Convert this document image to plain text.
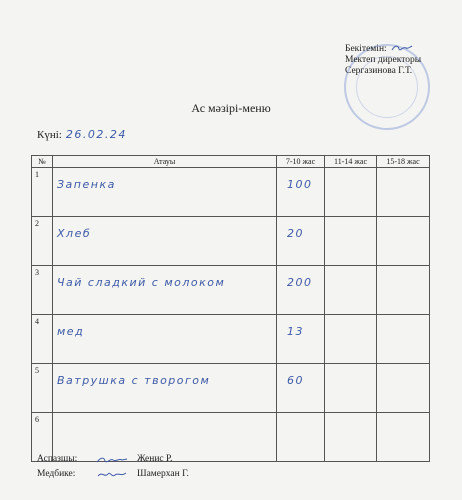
Бекітемін:
Мектеп директоры
Сергазинова Г.Т.
Ас мәзірі-меню
Күні: 26.02.24
№	Атауы	7-10 жас	11-14 жас	15-18 жас
1	Запенка	100		

2	Хлеб	20		

3	Чай сладкий с молоком	200		

4	мед	13		

5	Ватрушка с творогом	60		

6	

Аспазшы:	Женис Р.
Медбике:	Шамерхан Г.
